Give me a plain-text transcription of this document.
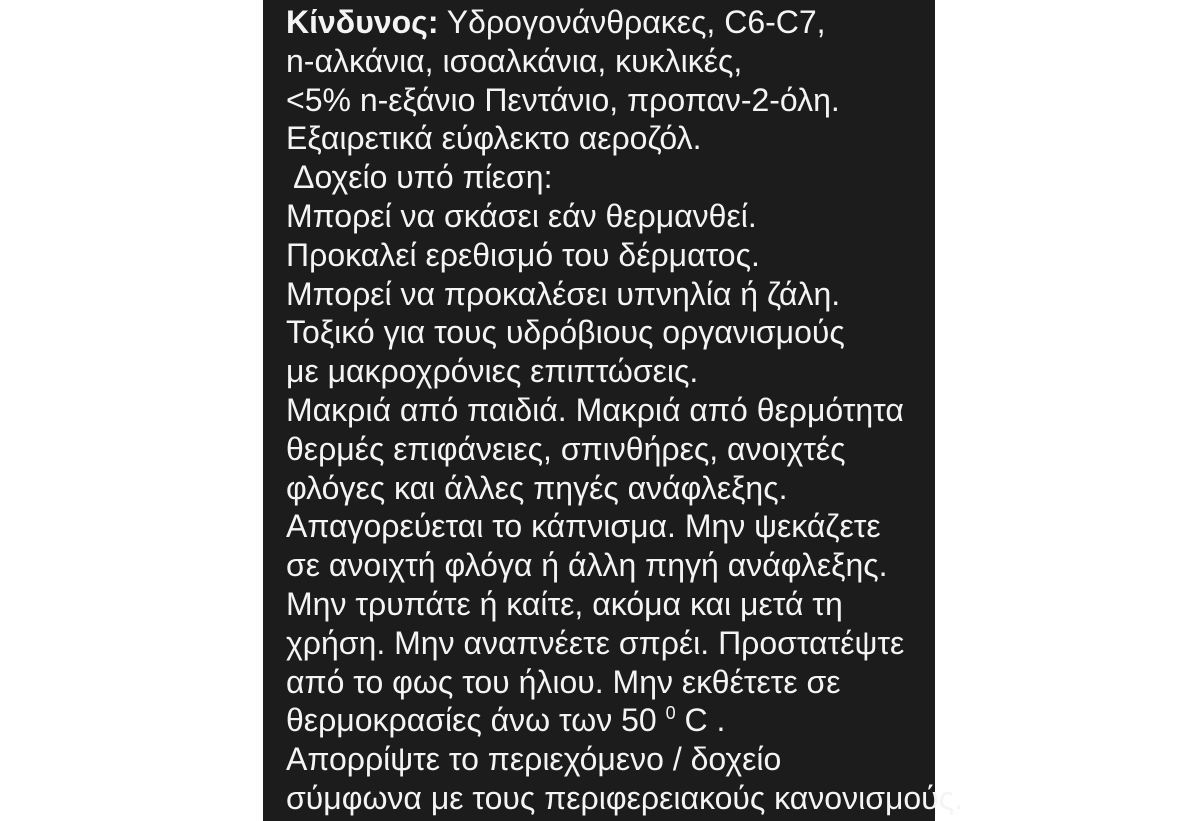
Κίνδυνος: Υδρογονάνθρακες, C6-C7,
n-αλκάνια, ισοαλκάνια, κυκλικές,
<5% n-εξάνιο Πεντάνιο, προπαν-2-όλη.
Εξαιρετικά εύφλεκτο αεροζόλ.
Δοχείο υπό πίεση:
Μπορεί να σκάσει εάν θερμανθεί.
Προκαλεί ερεθισμό του δέρματος.
Μπορεί να προκαλέσει υπνηλία ή ζάλη.
Τοξικό για τους υδρόβιους οργανισμούς
με μακροχρόνιες επιπτώσεις.
Μακριά από παιδιά. Μακριά από θερμότητα
θερμές επιφάνειες, σπινθήρες, ανοιχτές
φλόγες και άλλες πηγές ανάφλεξης.
Απαγορεύεται το κάπνισμα. Μην ψεκάζετε
σε ανοιχτή φλόγα ή άλλη πηγή ανάφλεξης.
Μην τρυπάτε ή καίτε, ακόμα και μετά τη
χρήση. Μην αναπνέετε σπρέι. Προστατέψτε
από το φως του ήλιου. Μην εκθέτετε σε
θερμοκρασίες άνω των 50 $^0$ C .
Απορρίψτε το περιεχόμενο / δοχείο
σύμφωνα με τους περιφερειακούς κανονισμούς.
